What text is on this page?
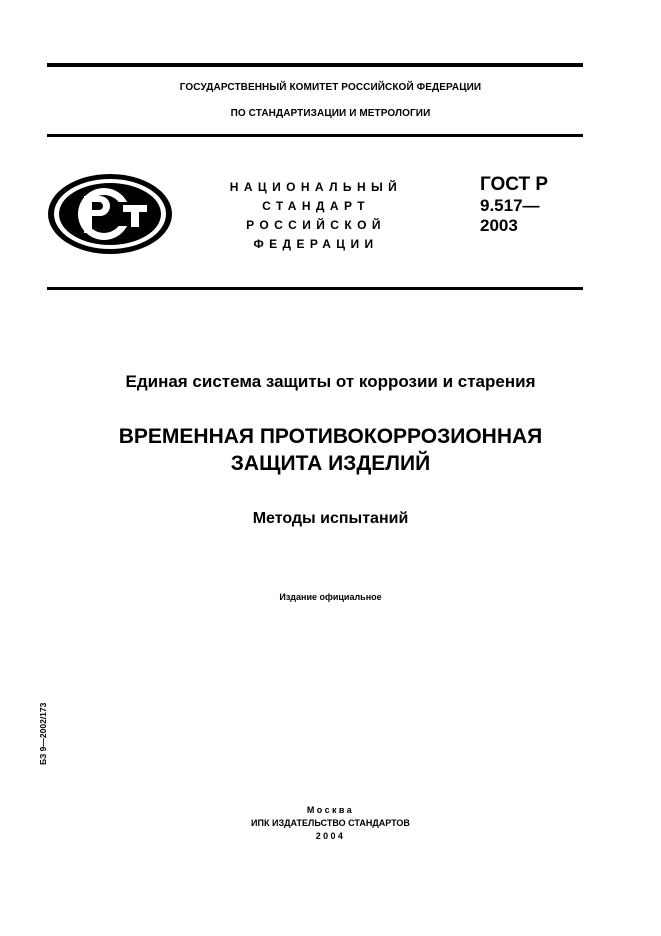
ГОСУДАРСТВЕННЫЙ КОМИТЕТ РОССИЙСКОЙ ФЕДЕРАЦИИ
ПО СТАНДАРТИЗАЦИИ И МЕТРОЛОГИИ
НАЦИОНАЛЬНЫЙ
СТАНДАРТ
РОССИЙСКОЙ
ФЕДЕРАЦИИ
ГОСТ Р
9.517—
2003
Единая система защиты от коррозии и старения
ВРЕМЕННАЯ ПРОТИВОКОРРОЗИОННАЯ
ЗАЩИТА ИЗДЕЛИЙ
Методы испытаний
Издание официальное
БЗ 9—2002/173
Москва
ИПК ИЗДАТЕЛЬСТВО СТАНДАРТОВ
2004
